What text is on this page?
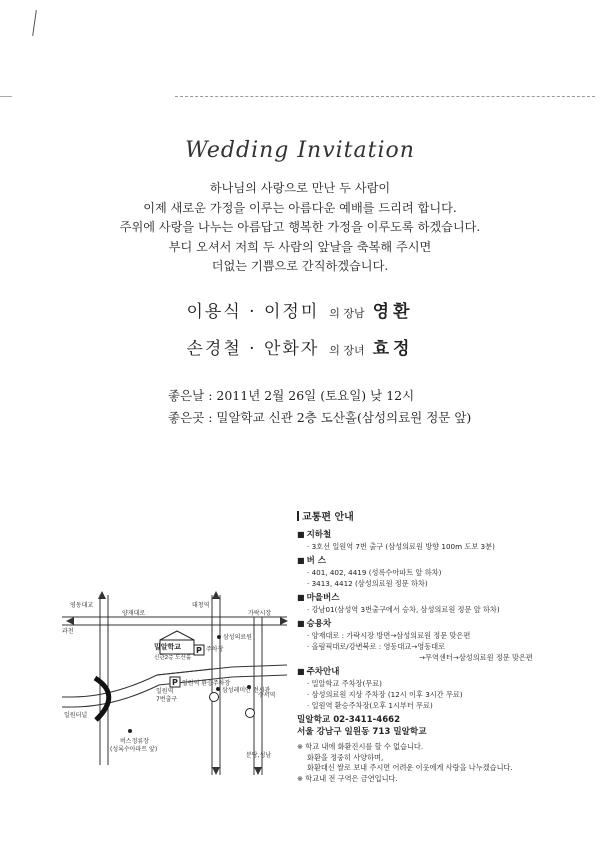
Wedding Invitation
하나님의 사랑으로 만난 두 사람이
이제 새로운 가정을 이루는 아름다운 예배를 드리려 합니다.
주위에 사랑을 나누는 아름답고 행복한 가정을 이루도록 하겠습니다.
부디 오셔서 저희 두 사람의 앞날을 축복해 주시면
더없는 기쁨으로 간직하겠습니다.
이용식 · 이정미 의 장남 영환
손경철 · 안화자 의 장녀 효정
좋은날 : 2011년 2월 26일 (토요일) 낮 12시
좋은곳 : 밀알학교 신관 2층 도산홀(삼성의료원 정문 앞)
P
P
영동대교	대청역
양재대로	가락시장
과천
밀알학교
신관2층 도산홀
삼성의료원
주차장
일원역
7번출구
일원역 환승주차장
삼성레미안 전시관
수서역
일원터널
버스정류장
(성록수아파트 앞)
분당,성남
교통편 안내
■ 지하철
· 3호선 일원역 7번 출구 (삼성의료원 방향 100m 도보 3분)
■ 버 스
· 401, 402, 4419 (성록수아파트 앞 하차)
· 3413, 4412 (삼성의료원 정문 하차)
■ 마을버스
· 강남01(삼성역 3번출구에서 승차, 삼성의료원 정문 앞 하차)
■ 승용차
· 양재대로 : 가락시장 방면→삼성의료원 정문 맞은편
· 올림픽대로/강변북로 : 영동대교→영동대로
→무역센터→삼성의료원 정문 맞은편
■ 주차안내
· 밀알학교 주차장(무료)
· 삼성의료원 지상 주차장 (12시 이후 3시간 무료)
· 일원역 환승주차장(오후 1시부터 무료)
밀알학교 02-3411-4662
서울 강남구 일원동 713 밀알학교
※ 학교 내에 화환진시를 할 수 없습니다.
화환을 정중히 사양하며,
화환대신 쌀로 보내 주시면 어려운 이웃에게 사랑을 나누겠습니다.
※ 학교내 전 구역은 금연입니다.
